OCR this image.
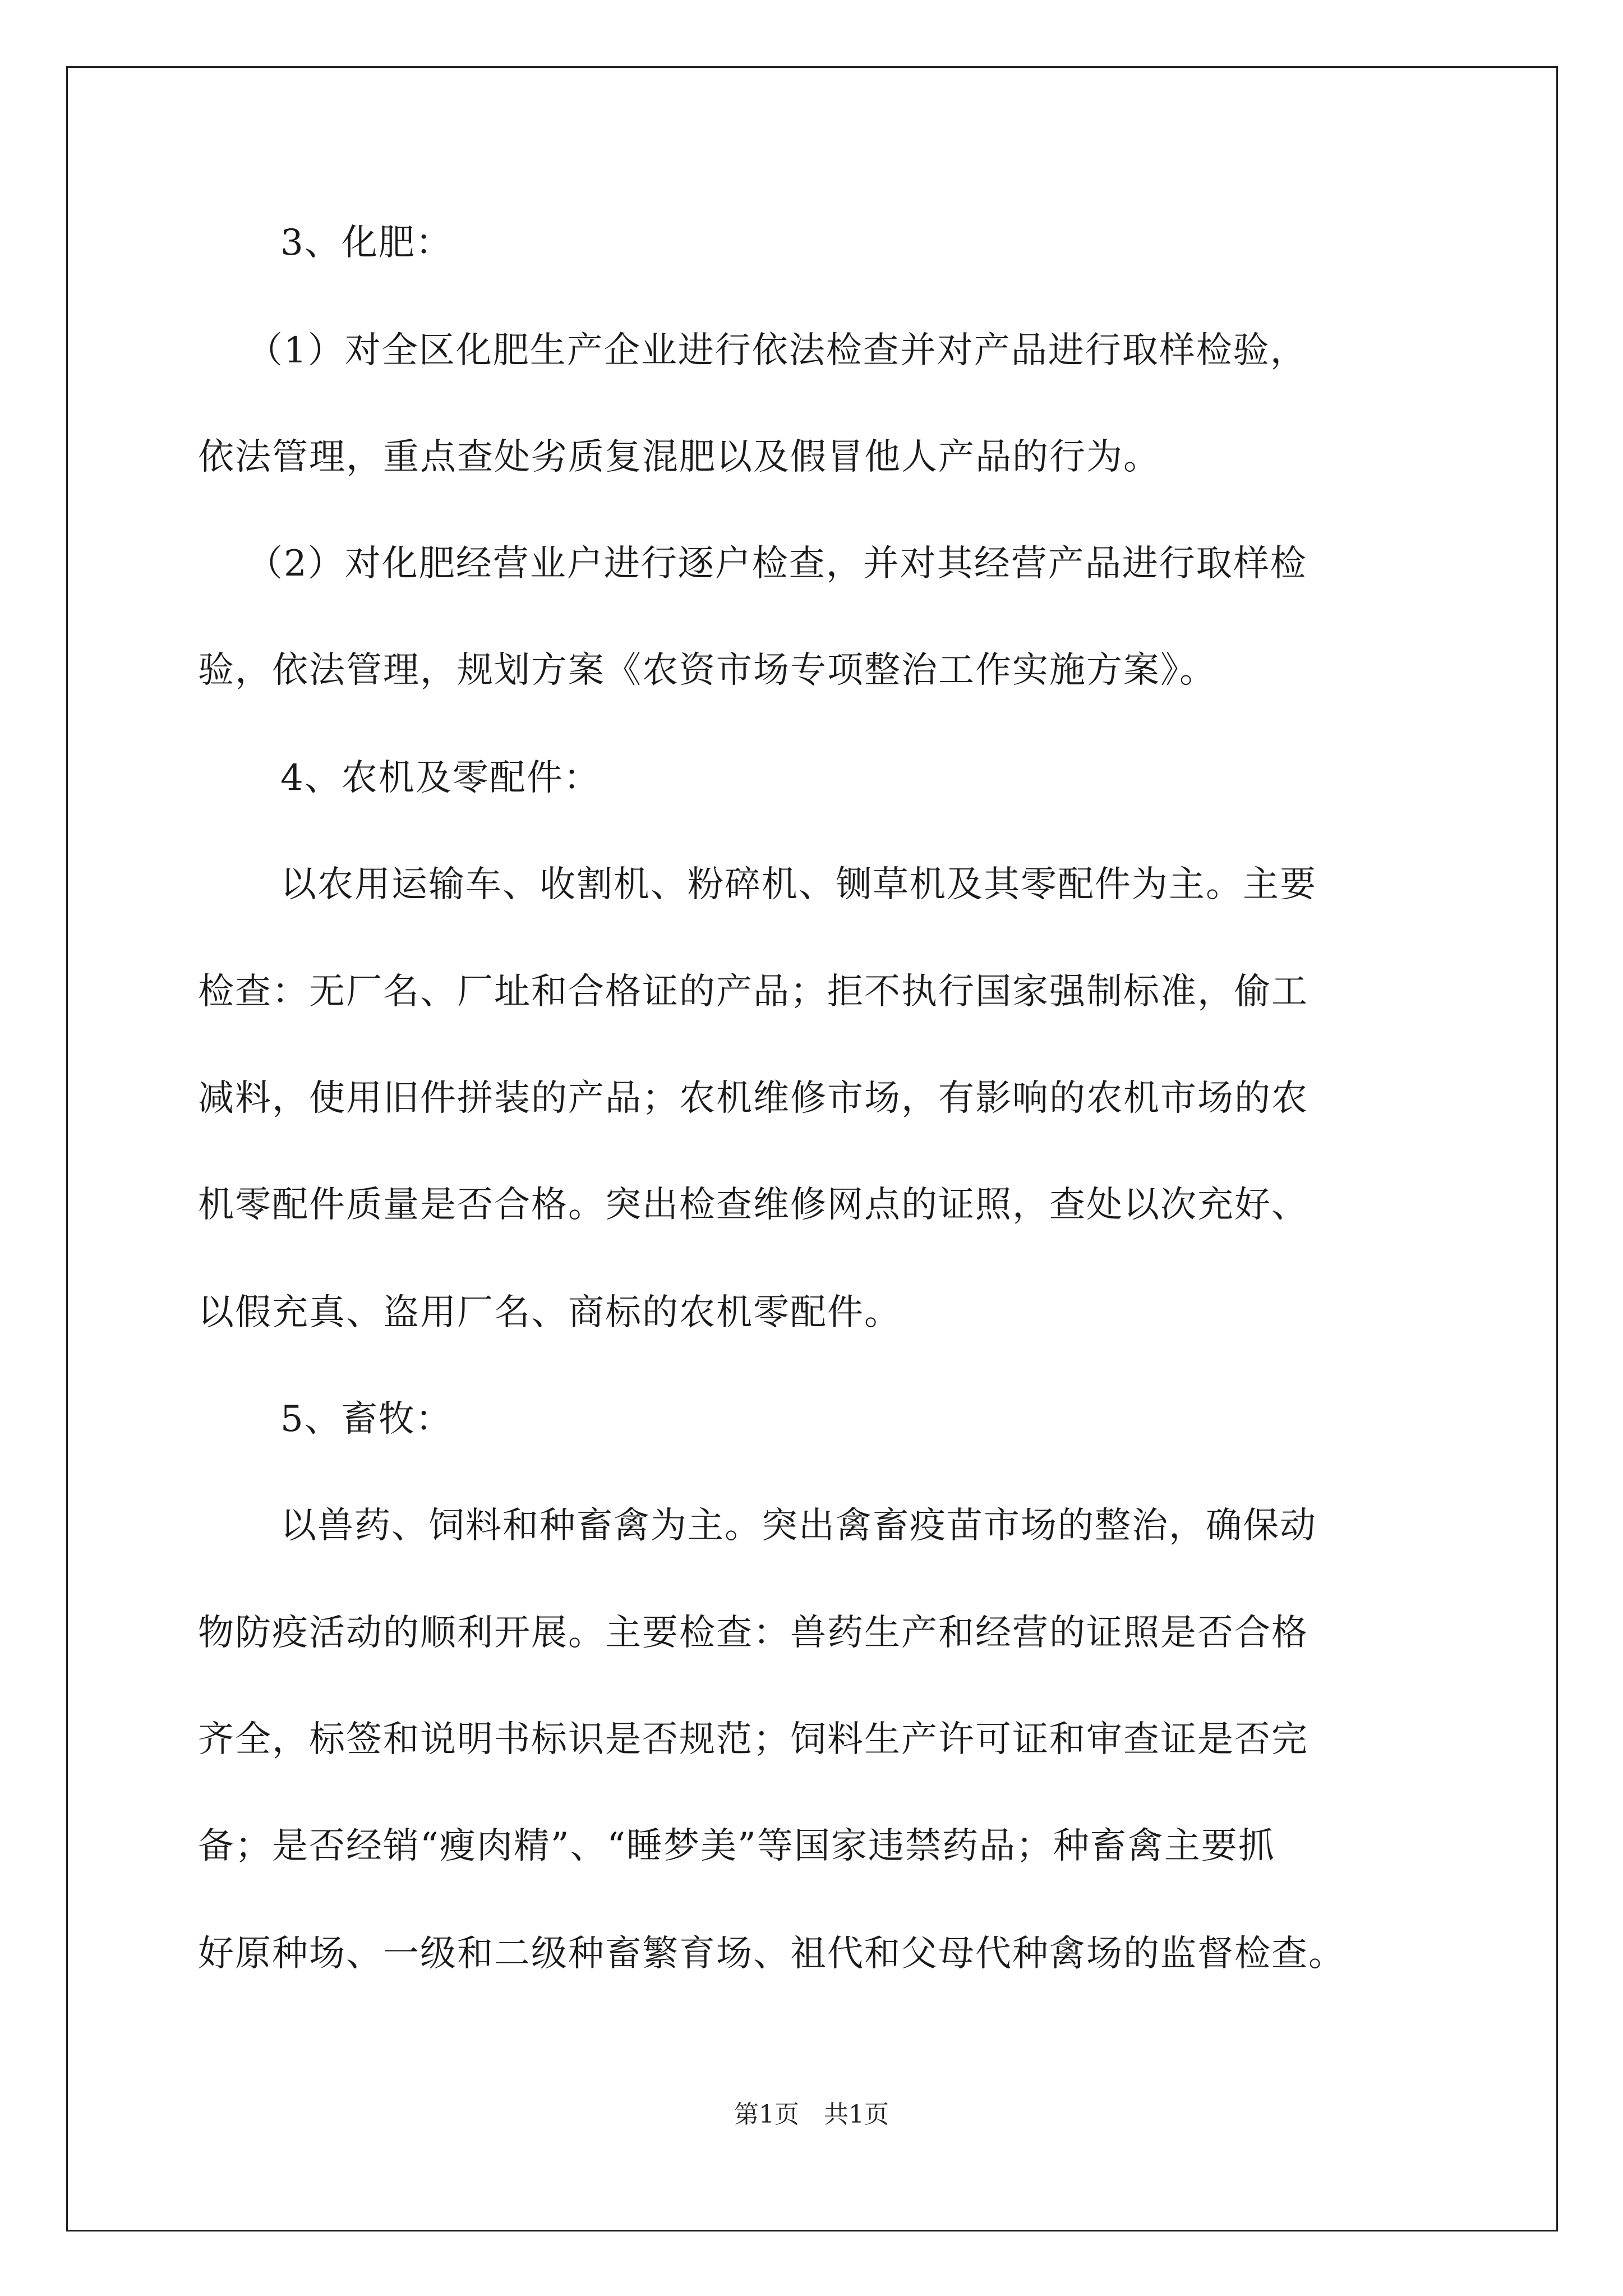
3、化肥：

（1）对全区化肥生产企业进行依法检查并对产品进行取样检验，

依法管理，重点查处劣质复混肥以及假冒他人产品的行为。

（2）对化肥经营业户进行逐户检查，并对其经营产品进行取样检

验，依法管理，规划方案《农资市场专项整治工作实施方案》。

4、农机及零配件：

以农用运输车、收割机、粉碎机、铡草机及其零配件为主。主要

检查：无厂名、厂址和合格证的产品；拒不执行国家强制标准，偷工

减料，使用旧件拼装的产品；农机维修市场，有影响的农机市场的农

机零配件质量是否合格。突出检查维修网点的证照，查处以次充好、

以假充真、盗用厂名、商标的农机零配件。

5、畜牧：

以兽药、饲料和种畜禽为主。突出禽畜疫苗市场的整治，确保动

物防疫活动的顺利开展。主要检查：兽药生产和经营的证照是否合格

齐全，标签和说明书标识是否规范；饲料生产许可证和审查证是否完

备；是否经销“瘦肉精”、“睡梦美”等国家违禁药品；种畜禽主要抓

好原种场、一级和二级种畜繁育场、祖代和父母代种禽场的监督检查。

第1页　共1页
